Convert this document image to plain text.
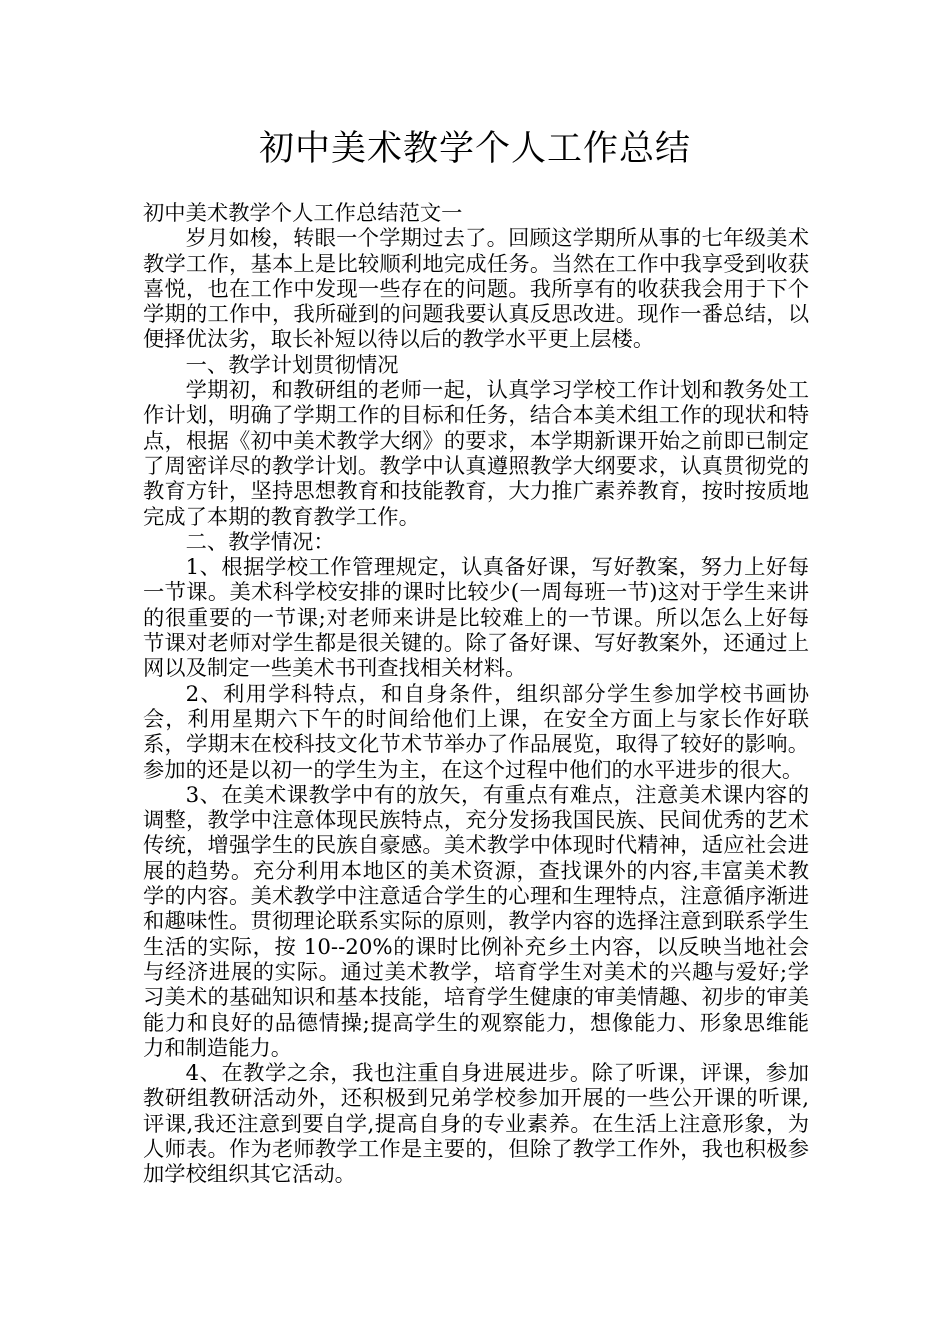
初中美术教学个人工作总结

初中美术教学个人工作总结范文一

岁月如梭，转眼一个学期过去了。回顾这学期所从事的七年级美术教学工作，基本上是比较顺利地完成任务。当然在工作中我享受到收获喜悦，也在工作中发现一些存在的问题。我所享有的收获我会用于下个学期的工作中，我所碰到的问题我要认真反思改进。现作一番总结，以便择优汰劣，取长补短以待以后的教学水平更上层楼。

一、教学计划贯彻情况

学期初，和教研组的老师一起，认真学习学校工作计划和教务处工作计划，明确了学期工作的目标和任务，结合本美术组工作的现状和特点，根据《初中美术教学大纲》的要求，本学期新课开始之前即已制定了周密详尽的教学计划。教学中认真遵照教学大纲要求，认真贯彻党的教育方针，坚持思想教育和技能教育，大力推广素养教育，按时按质地完成了本期的教育教学工作。

二、教学情况：

1、根据学校工作管理规定，认真备好课，写好教案，努力上好每一节课。美术科学校安排的课时比较少(一周每班一节)这对于学生来讲的很重要的一节课;对老师来讲是比较难上的一节课。所以怎么上好每节课对老师对学生都是很关键的。除了备好课、写好教案外，还通过上网以及制定一些美术书刊查找相关材料。

2、利用学科特点，和自身条件，组织部分学生参加学校书画协会，利用星期六下午的时间给他们上课，在安全方面上与家长作好联系，学期末在校科技文化节术节举办了作品展览，取得了较好的影响。参加的还是以初一的学生为主，在这个过程中他们的水平进步的很大。

3、在美术课教学中有的放矢，有重点有难点，注意美术课内容的调整，教学中注意体现民族特点，充分发扬我国民族、民间优秀的艺术传统，增强学生的民族自豪感。美术教学中体现时代精神，适应社会进展的趋势。充分利用本地区的美术资源，查找课外的内容,丰富美术教学的内容。美术教学中注意适合学生的心理和生理特点，注意循序渐进和趣味性。贯彻理论联系实际的原则，教学内容的选择注意到联系学生生活的实际，按 10--20%的课时比例补充乡土内容，以反映当地社会与经济进展的实际。通过美术教学，培育学生对美术的兴趣与爱好;学习美术的基础知识和基本技能，培育学生健康的审美情趣、初步的审美能力和良好的品德情操;提高学生的观察能力，想像能力、形象思维能力和制造能力。

4、在教学之余，我也注重自身进展进步。除了听课，评课，参加教研组教研活动外，还积极到兄弟学校参加开展的一些公开课的听课,评课,我还注意到要自学,提高自身的专业素养。在生活上注意形象，为人师表。作为老师教学工作是主要的，但除了教学工作外，我也积极参加学校组织其它活动。
